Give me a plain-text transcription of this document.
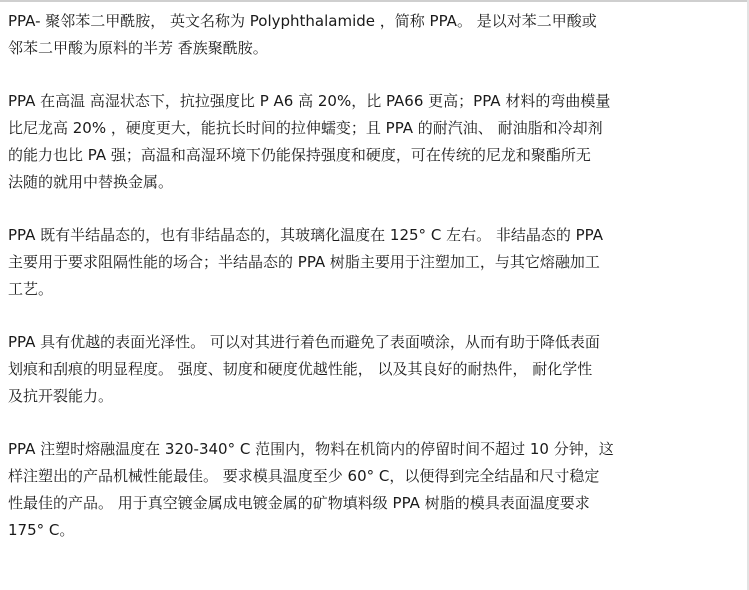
PPA- 聚邻苯二甲酰胺， 英文名称为 Polyphthalamide ，简称 PPA。 是以对苯二甲酸或
邻苯二甲酸为原料的半芳 香族聚酰胺。
PPA 在高温 高湿状态下，抗拉强度比 P A6 高 20%，比 PA66 更高；PPA 材料的弯曲模量
比尼龙高 20% ，硬度更大，能抗长时间的拉伸蠕变；且 PPA 的耐汽油、 耐油脂和冷却剂
的能力也比 PA 强；高温和高湿环境下仍能保持强度和硬度，可在传统的尼龙和聚酯所无
法随的就用中替换金属。
PPA 既有半结晶态的，也有非结晶态的，其玻璃化温度在 125° C 左右。 非结晶态的 PPA
主要用于要求阻隔性能的场合；半结晶态的 PPA 树脂主要用于注塑加工，与其它熔融加工
工艺。
PPA 具有优越的表面光泽性。 可以对其进行着色而避免了表面喷涂，从而有助于降低表面
划痕和刮痕的明显程度。 强度、韧度和硬度优越性能， 以及其良好的耐热件， 耐化学性
及抗开裂能力。
PPA 注塑时熔融温度在 320-340° C 范围内，物料在机筒内的停留时间不超过 10 分钟，这
样注塑出的产品机械性能最佳。 要求模具温度至少 60° C，以便得到完全结晶和尺寸稳定
性最佳的产品。 用于真空镀金属成电镀金属的矿物填料级 PPA 树脂的模具表面温度要求
175° C。
